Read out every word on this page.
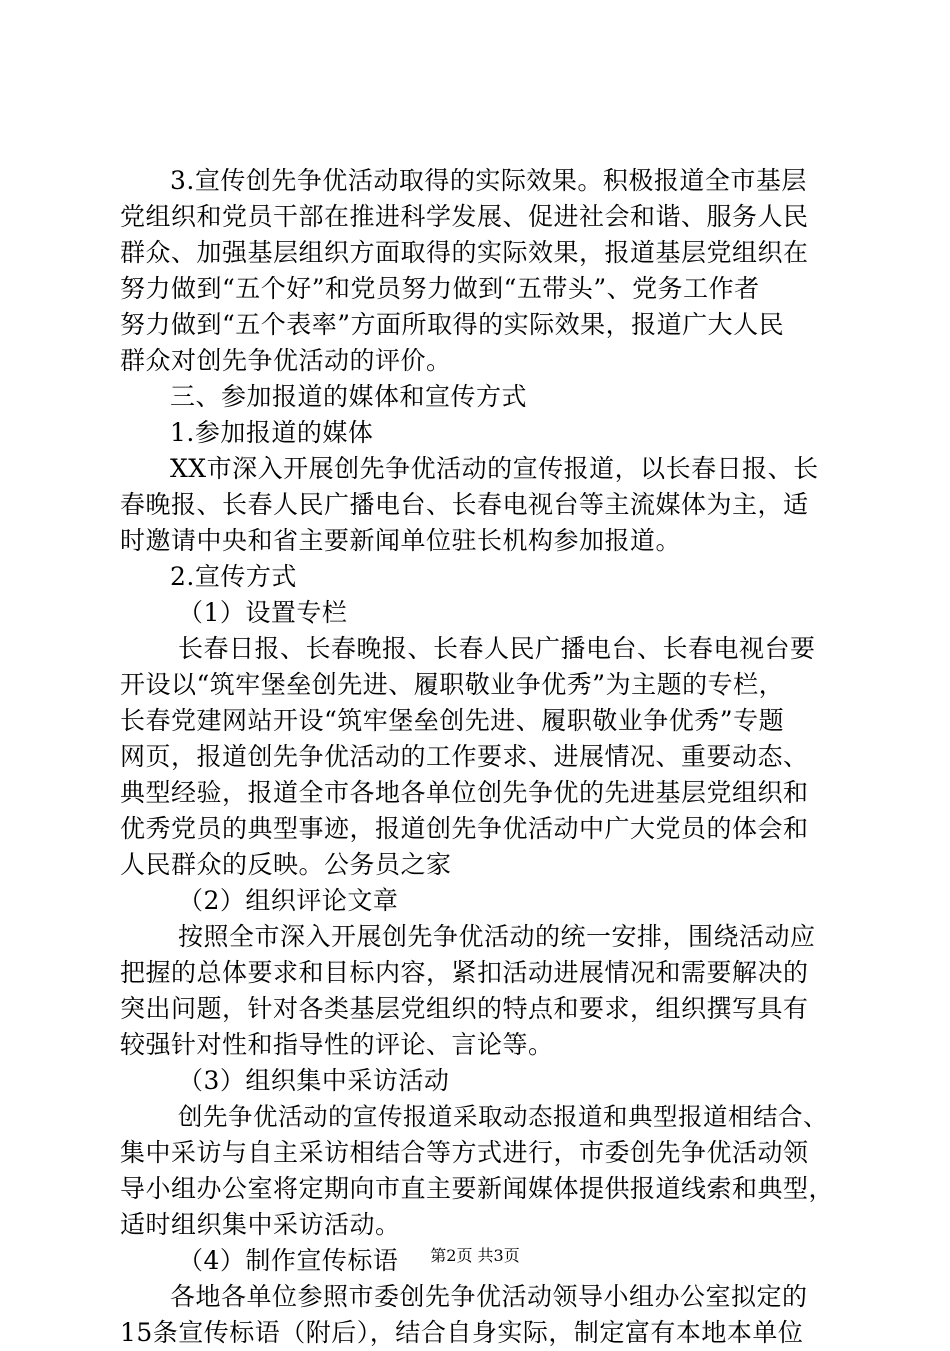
3.宣传创先争优活动取得的实际效果。积极报道全市基层
党组织和党员干部在推进科学发展、促进社会和谐、服务人民
群众、加强基层组织方面取得的实际效果，报道基层党组织在
努力做到“五个好”和党员努力做到“五带头”、党务工作者
努力做到“五个表率”方面所取得的实际效果，报道广大人民
群众对创先争优活动的评价。
三、参加报道的媒体和宣传方式
1.参加报道的媒体
XX市深入开展创先争优活动的宣传报道，以长春日报、长
春晚报、长春人民广播电台、长春电视台等主流媒体为主，适
时邀请中央和省主要新闻单位驻长机构参加报道。
2.宣传方式
（1）设置专栏
长春日报、长春晚报、长春人民广播电台、长春电视台要
开设以“筑牢堡垒创先进、履职敬业争优秀”为主题的专栏，
长春党建网站开设“筑牢堡垒创先进、履职敬业争优秀”专题
网页，报道创先争优活动的工作要求、进展情况、重要动态、
典型经验，报道全市各地各单位创先争优的先进基层党组织和
优秀党员的典型事迹，报道创先争优活动中广大党员的体会和
人民群众的反映。公务员之家
（2）组织评论文章
按照全市深入开展创先争优活动的统一安排，围绕活动应
把握的总体要求和目标内容，紧扣活动进展情况和需要解决的
突出问题，针对各类基层党组织的特点和要求，组织撰写具有
较强针对性和指导性的评论、言论等。
（3）组织集中采访活动
创先争优活动的宣传报道采取动态报道和典型报道相结合、
集中采访与自主采访相结合等方式进行，市委创先争优活动领
导小组办公室将定期向市直主要新闻媒体提供报道线索和典型，
适时组织集中采访活动。
（4）制作宣传标语
各地各单位参照市委创先争优活动领导小组办公室拟定的
15条宣传标语（附后），结合自身实际，制定富有本地本单位
第2页 共3页
